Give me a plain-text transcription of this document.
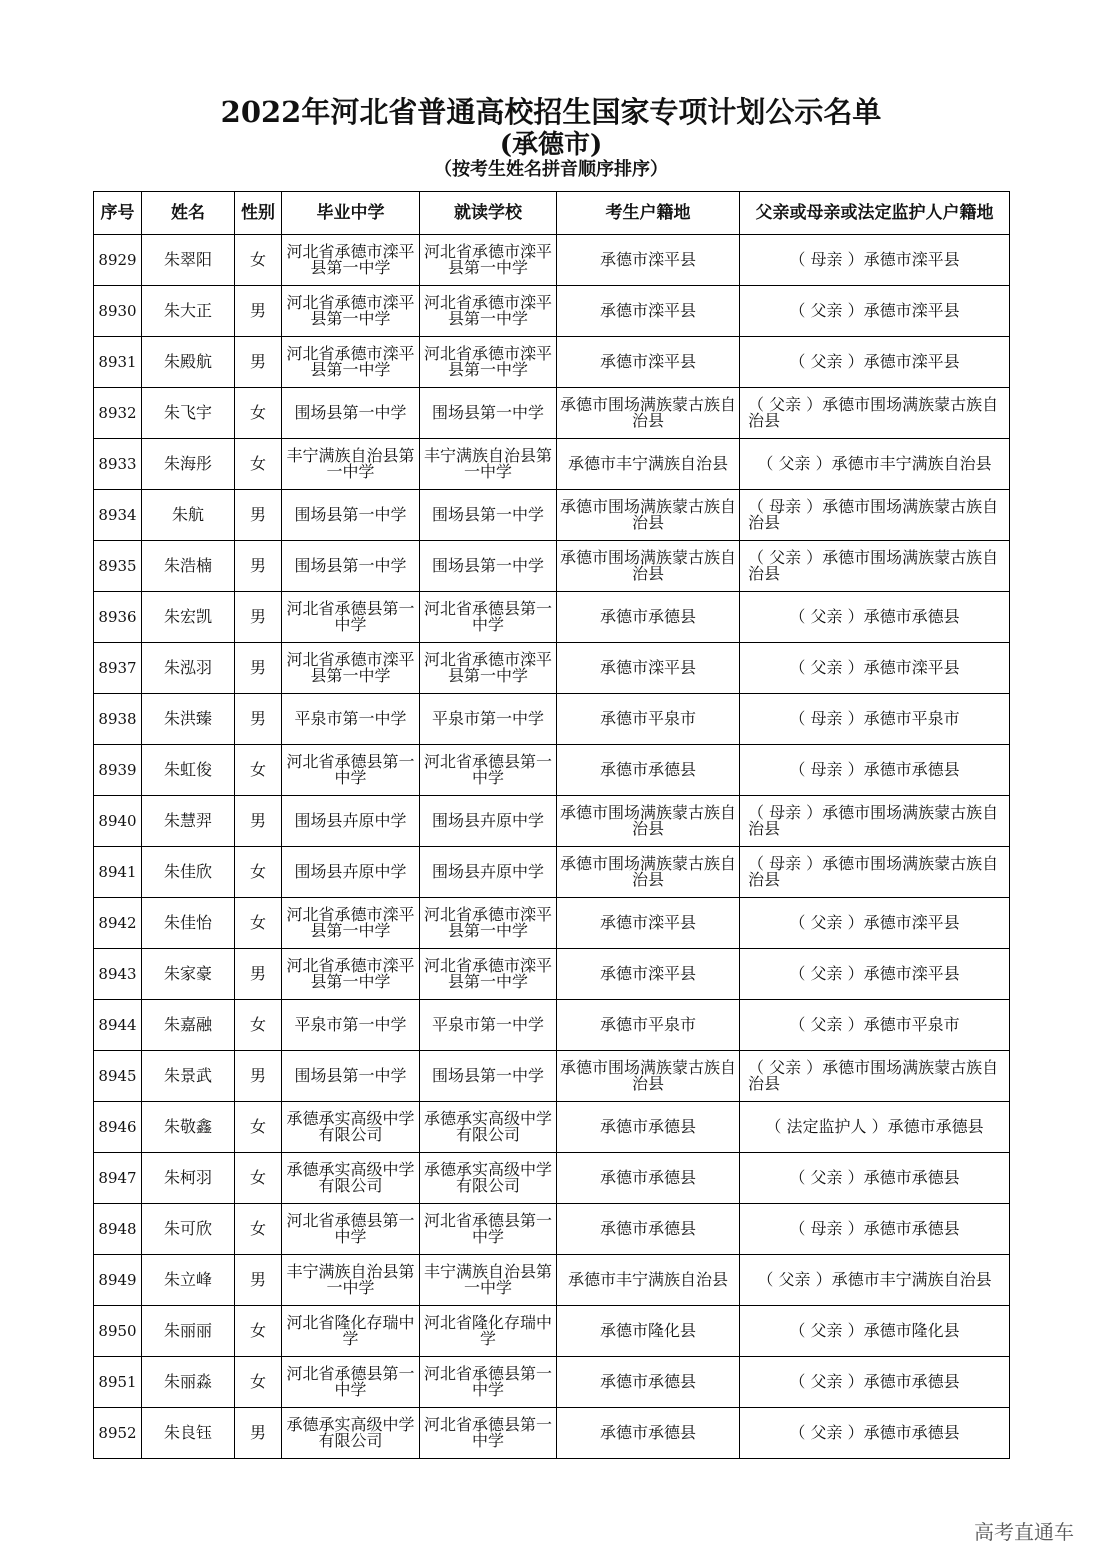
2022年河北省普通高校招生国家专项计划公示名单
(承德市)
（按考生姓名拼音顺序排序）
序号	姓名	性别	毕业中学	就读学校	考生户籍地	父亲或母亲或法定监护人户籍地
8929	朱翠阳	女	河北省承德市滦平县第一中学	河北省承德市滦平县第一中学	承德市滦平县	（ 母亲 ）承德市滦平县
8930	朱大正	男	河北省承德市滦平县第一中学	河北省承德市滦平县第一中学	承德市滦平县	（ 父亲 ）承德市滦平县
8931	朱殿航	男	河北省承德市滦平县第一中学	河北省承德市滦平县第一中学	承德市滦平县	（ 父亲 ）承德市滦平县
8932	朱飞宇	女	围场县第一中学	围场县第一中学	承德市围场满族蒙古族自治县	（ 父亲 ）承德市围场满族蒙古族自治县
8933	朱海彤	女	丰宁满族自治县第一中学	丰宁满族自治县第一中学	承德市丰宁满族自治县	（ 父亲 ）承德市丰宁满族自治县
8934	朱航	男	围场县第一中学	围场县第一中学	承德市围场满族蒙古族自治县	（ 母亲 ）承德市围场满族蒙古族自治县
8935	朱浩楠	男	围场县第一中学	围场县第一中学	承德市围场满族蒙古族自治县	（ 父亲 ）承德市围场满族蒙古族自治县
8936	朱宏凯	男	河北省承德县第一中学	河北省承德县第一中学	承德市承德县	（ 父亲 ）承德市承德县
8937	朱泓羽	男	河北省承德市滦平县第一中学	河北省承德市滦平县第一中学	承德市滦平县	（ 父亲 ）承德市滦平县
8938	朱洪臻	男	平泉市第一中学	平泉市第一中学	承德市平泉市	（ 母亲 ）承德市平泉市
8939	朱虹俊	女	河北省承德县第一中学	河北省承德县第一中学	承德市承德县	（ 母亲 ）承德市承德县
8940	朱慧羿	男	围场县卉原中学	围场县卉原中学	承德市围场满族蒙古族自治县	（ 母亲 ）承德市围场满族蒙古族自治县
8941	朱佳欣	女	围场县卉原中学	围场县卉原中学	承德市围场满族蒙古族自治县	（ 母亲 ）承德市围场满族蒙古族自治县
8942	朱佳怡	女	河北省承德市滦平县第一中学	河北省承德市滦平县第一中学	承德市滦平县	（ 父亲 ）承德市滦平县
8943	朱家豪	男	河北省承德市滦平县第一中学	河北省承德市滦平县第一中学	承德市滦平县	（ 父亲 ）承德市滦平县
8944	朱嘉融	女	平泉市第一中学	平泉市第一中学	承德市平泉市	（ 父亲 ）承德市平泉市
8945	朱景武	男	围场县第一中学	围场县第一中学	承德市围场满族蒙古族自治县	（ 父亲 ）承德市围场满族蒙古族自治县
8946	朱敬鑫	女	承德承实高级中学有限公司	承德承实高级中学有限公司	承德市承德县	（ 法定监护人 ）承德市承德县
8947	朱柯羽	女	承德承实高级中学有限公司	承德承实高级中学有限公司	承德市承德县	（ 父亲 ）承德市承德县
8948	朱可欣	女	河北省承德县第一中学	河北省承德县第一中学	承德市承德县	（ 母亲 ）承德市承德县
8949	朱立峰	男	丰宁满族自治县第一中学	丰宁满族自治县第一中学	承德市丰宁满族自治县	（ 父亲 ）承德市丰宁满族自治县
8950	朱丽丽	女	河北省隆化存瑞中学	河北省隆化存瑞中学	承德市隆化县	（ 父亲 ）承德市隆化县
8951	朱丽淼	女	河北省承德县第一中学	河北省承德县第一中学	承德市承德县	（ 父亲 ）承德市承德县
8952	朱良钰	男	承德承实高级中学有限公司	河北省承德县第一中学	承德市承德县	（ 父亲 ）承德市承德县
高考直通车
